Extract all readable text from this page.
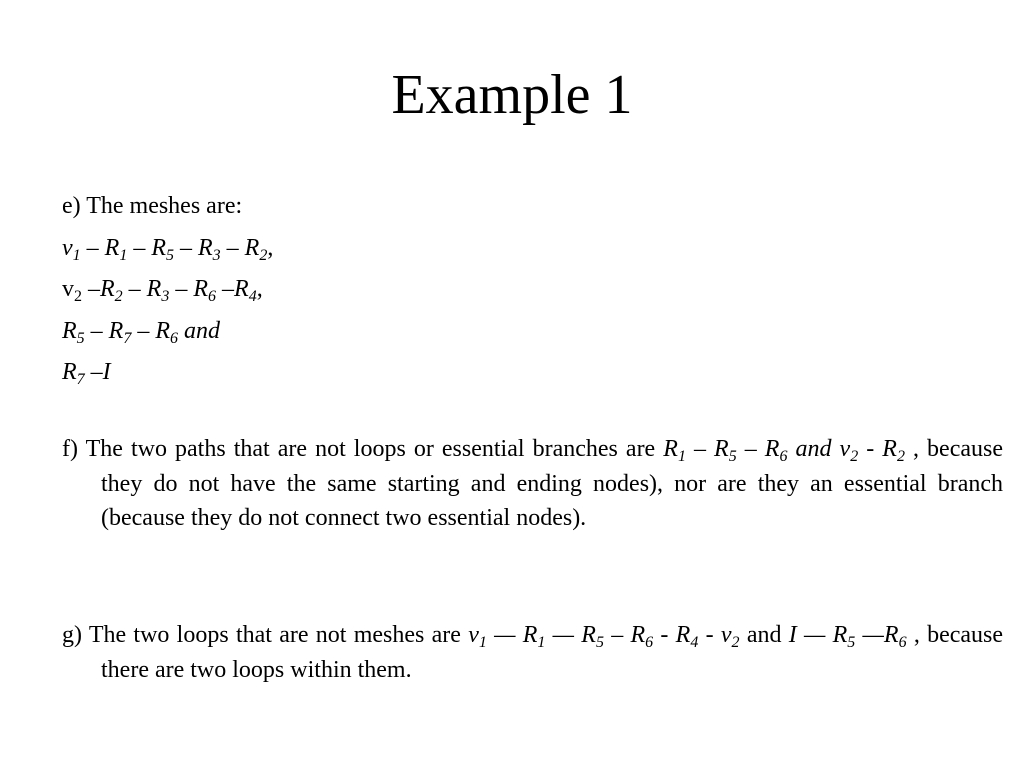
Example 1
e) The meshes are:
$v_1 - R_1 - R_5 - R_3 - R_2$,
$v_2$ $-R_2 - R_3 - R_6$ $-R_4$,
$R_5 - R_7 - R_6$ and
$R_7$ –I
f) The two paths that are not loops or essential branches are $R_1 - R_5 - R_6$ and $v_2 - R_2$ , because they do not have the same starting and ending nodes), nor are they an essential branch (because they do not connect two essential nodes).
g) The two loops that are not meshes are $v_1$ — $R_1$ — $R_5 - R_6 - R_4 - v_2$ and I — $R_5$ $—R_6$ , because there are two loops within them.
